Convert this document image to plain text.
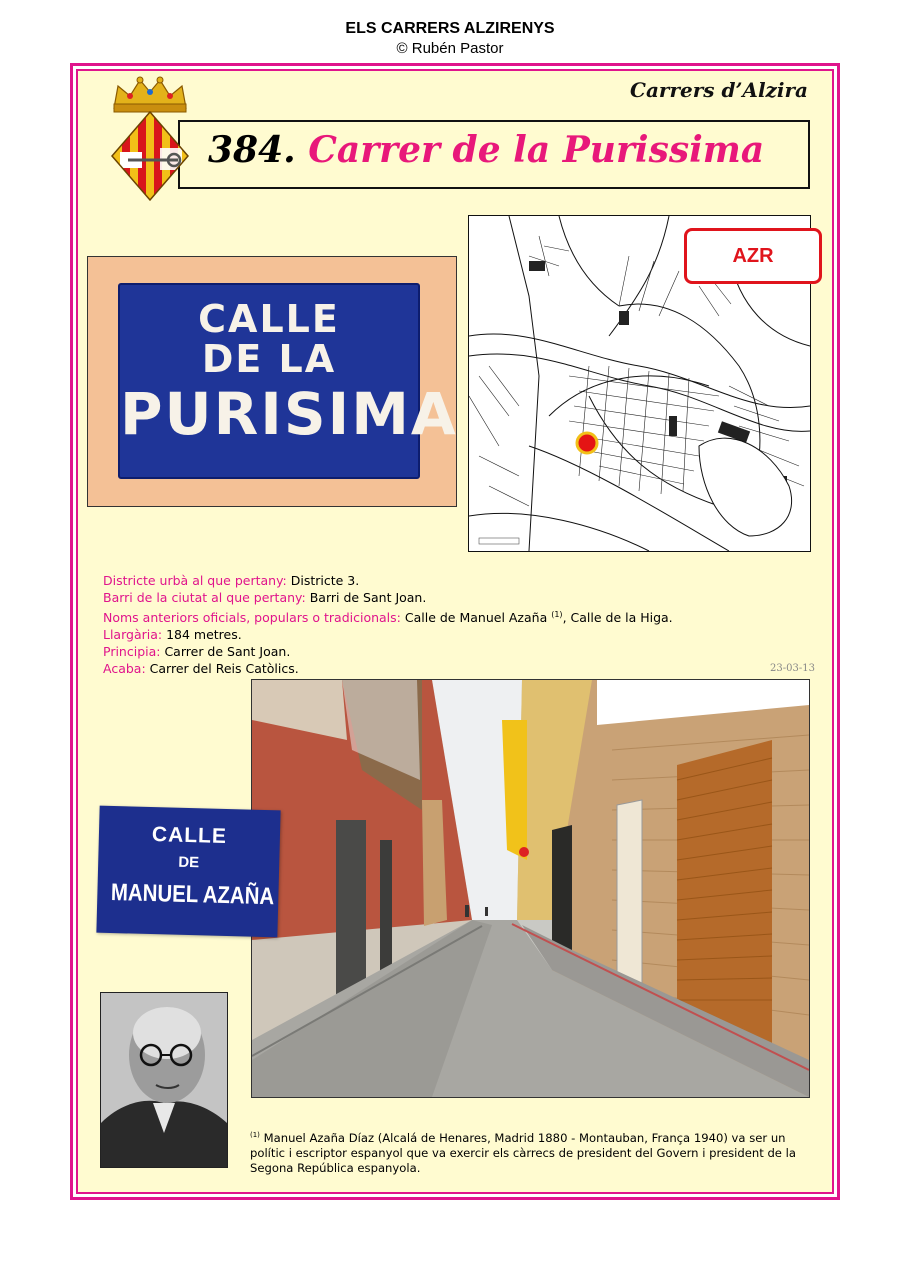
ELS CARRERS ALZIRENYS
© Rubén Pastor
Carrers d’Alzira
384. Carrer de la Purissima
CALLE
DE LA
PURISIMA
AZR
Districte urbà al que pertany: Districte 3.
Barri de la ciutat al que pertany: Barri de Sant Joan.
Noms anteriors oficials, populars o tradicionals: Calle de Manuel Azaña $^{(1)}$, Calle de la Higa.
Llargària: 184 metres.
Principia: Carrer de Sant Joan.
Acaba: Carrer del Reis Catòlics.	23-03-13
CALLE
DE
MANUEL AZAÑA
$^{(1)}$ Manuel Azaña Díaz (Alcalá de Henares, Madrid 1880 - Montauban, França 1940) va ser un polític i escriptor espanyol que va exercir els càrrecs de president del Govern i president de la Segona República espanyola.
